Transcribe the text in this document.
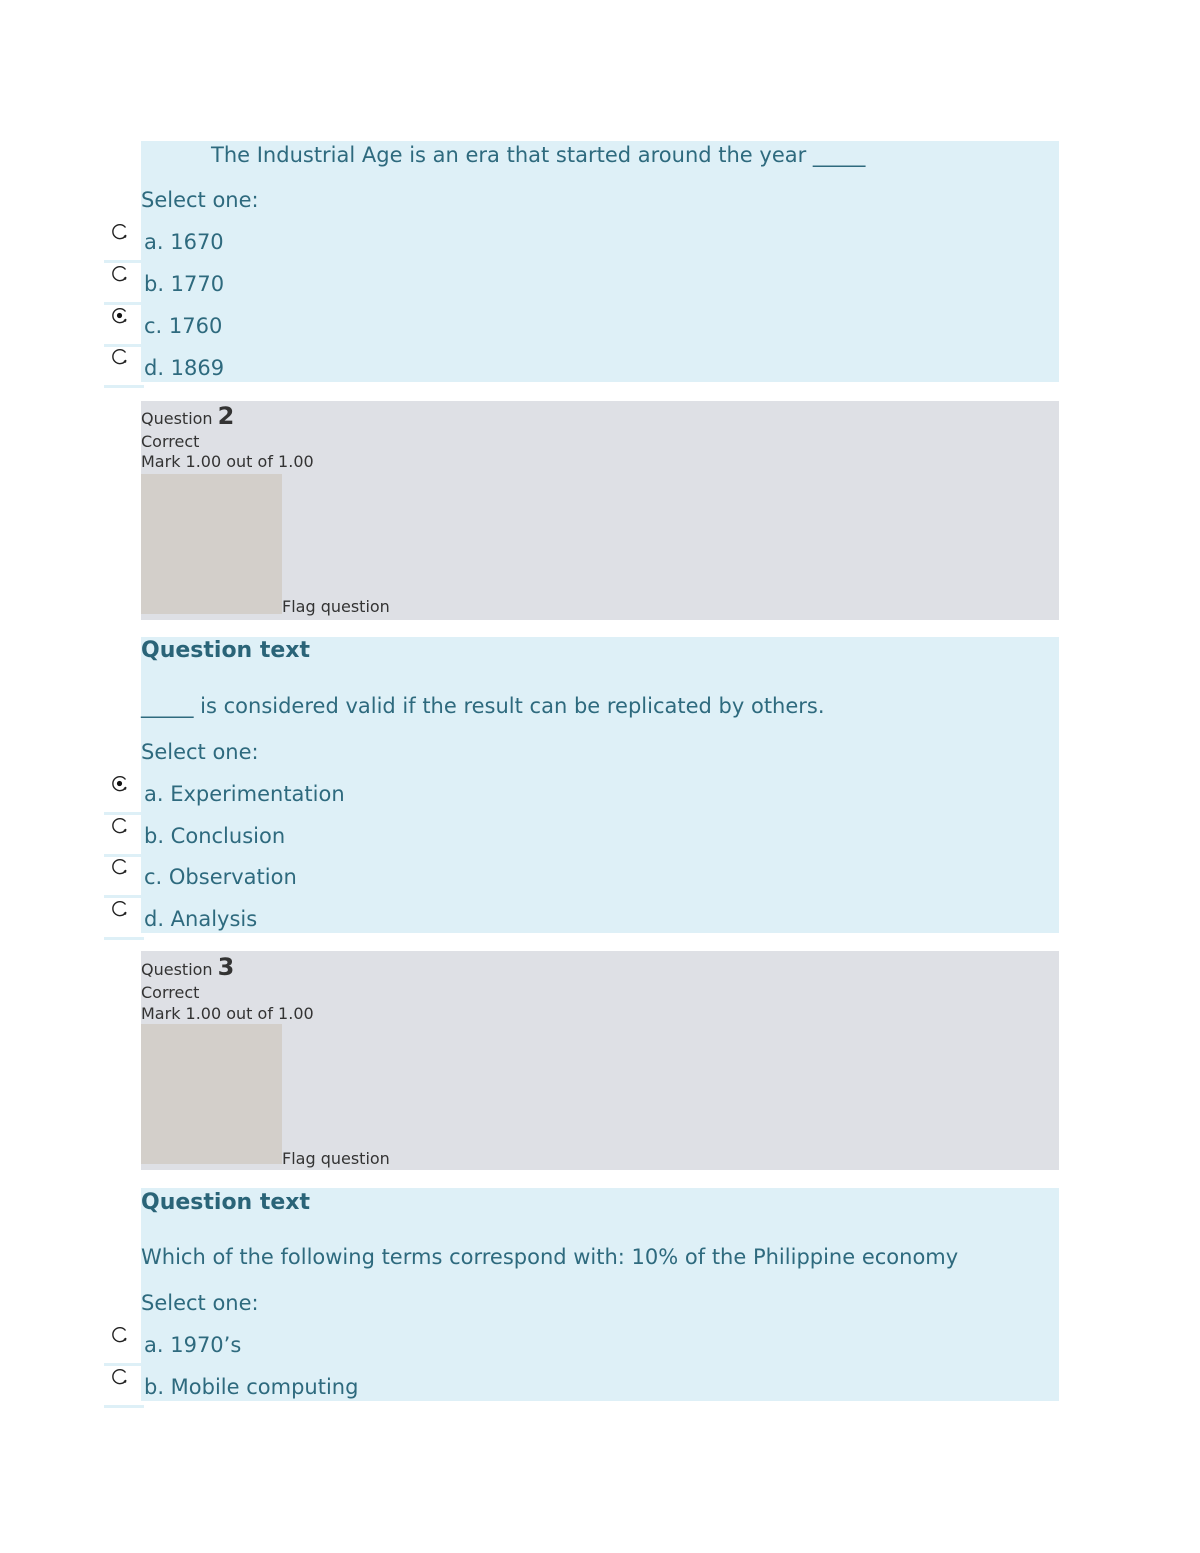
The Industrial Age is an era that started around the year _____
Select one:
a. 1670
b. 1770
c. 1760
d. 1869
Question 2
Correct
Mark 1.00 out of 1.00
Flag question
Question text
_____ is considered valid if the result can be replicated by others.
Select one:
a. Experimentation
b. Conclusion
c. Observation
d. Analysis
Question 3
Correct
Mark 1.00 out of 1.00
Flag question
Question text
Which of the following terms correspond with: 10% of the Philippine economy
Select one:
a. 1970’s
b. Mobile computing
